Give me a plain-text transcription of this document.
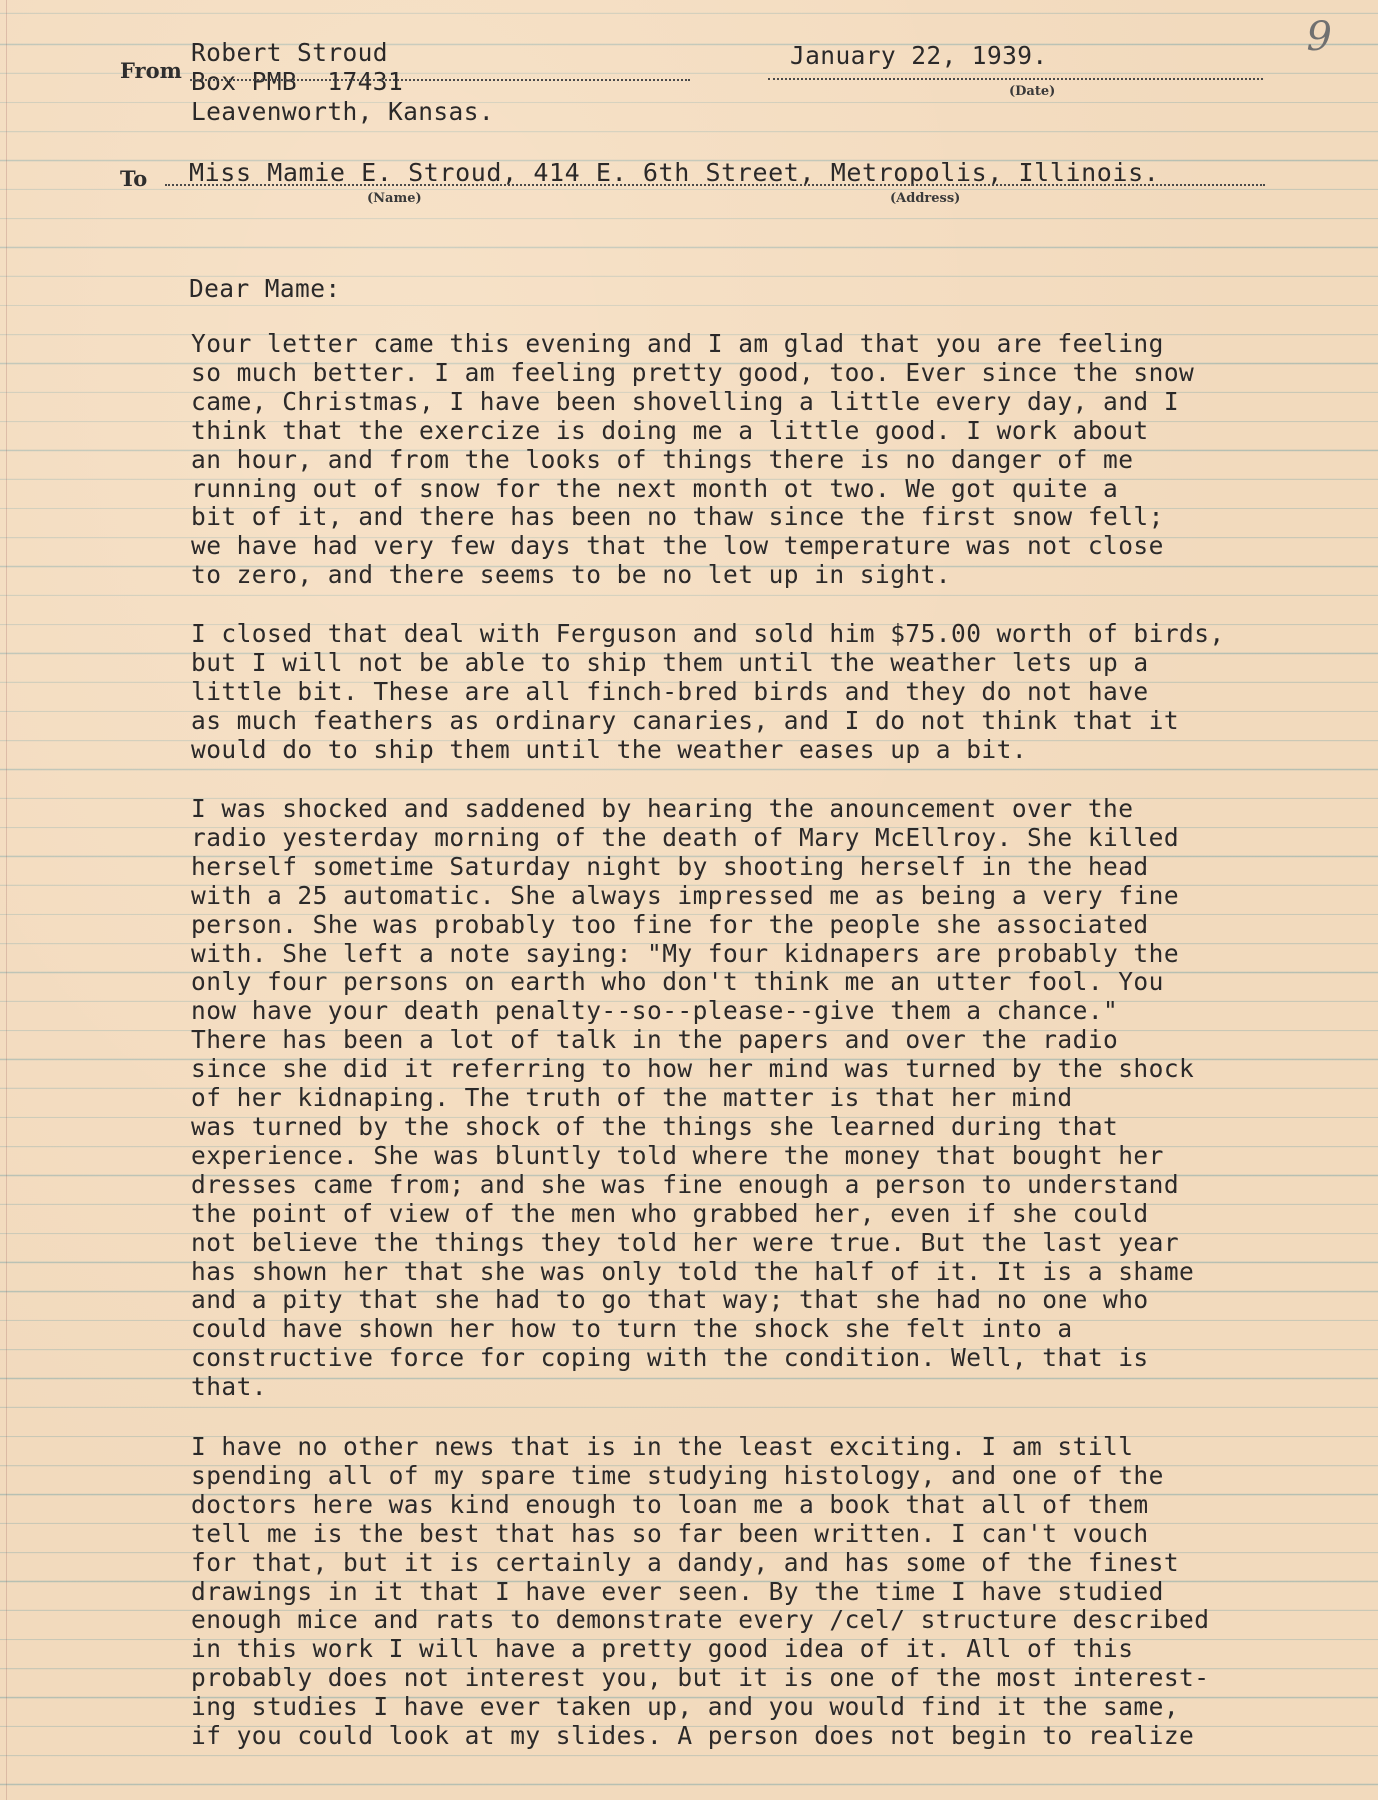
9
From
Robert Stroud
Box PMB  17431
Leavenworth, Kansas.
January 22, 1939.
(Date)
To Miss Mamie E. Stroud, 414 E. 6th Street, Metropolis, Illinois.
(Name)	(Address)
Dear Mame:
Your letter came this evening and I am glad that you are feeling
so much better. I am feeling pretty good, too. Ever since the snow
came, Christmas, I have been shovelling a little every day, and I
think that the exercize is doing me a little good. I work about
an hour, and from the looks of things there is no danger of me
running out of snow for the next month ot two. We got quite a
bit of it, and there has been no thaw since the first snow fell;
we have had very few days that the low temperature was not close
to zero, and there seems to be no let up in sight.
I closed that deal with Ferguson and sold him $75.00 worth of birds,
but I will not be able to ship them until the weather lets up a
little bit. These are all finch-bred birds and they do not have
as much feathers as ordinary canaries, and I do not think that it
would do to ship them until the weather eases up a bit.
I was shocked and saddened by hearing the anouncement over the
radio yesterday morning of the death of Mary McEllroy. She killed
herself sometime Saturday night by shooting herself in the head
with a 25 automatic. She always impressed me as being a very fine
person. She was probably too fine for the people she associated
with. She left a note saying: "My four kidnapers are probably the
only four persons on earth who don't think me an utter fool. You
now have your death penalty--so--please--give them a chance."
There has been a lot of talk in the papers and over the radio
since she did it referring to how her mind was turned by the shock
of her kidnaping. The truth of the matter is that her mind
was turned by the shock of the things she learned during that
experience. She was bluntly told where the money that bought her
dresses came from; and she was fine enough a person to understand
the point of view of the men who grabbed her, even if she could
not believe the things they told her were true. But the last year
has shown her that she was only told the half of it. It is a shame
and a pity that she had to go that way; that she had no one who
could have shown her how to turn the shock she felt into a
constructive force for coping with the condition. Well, that is
that.
I have no other news that is in the least exciting. I am still
spending all of my spare time studying histology, and one of the
doctors here was kind enough to loan me a book that all of them
tell me is the best that has so far been written. I can't vouch
for that, but it is certainly a dandy, and has some of the finest
drawings in it that I have ever seen. By the time I have studied
enough mice and rats to demonstrate every /cel/ structure described
in this work I will have a pretty good idea of it. All of this
probably does not interest you, but it is one of the most interest-
ing studies I have ever taken up, and you would find it the same,
if you could look at my slides. A person does not begin to realize
